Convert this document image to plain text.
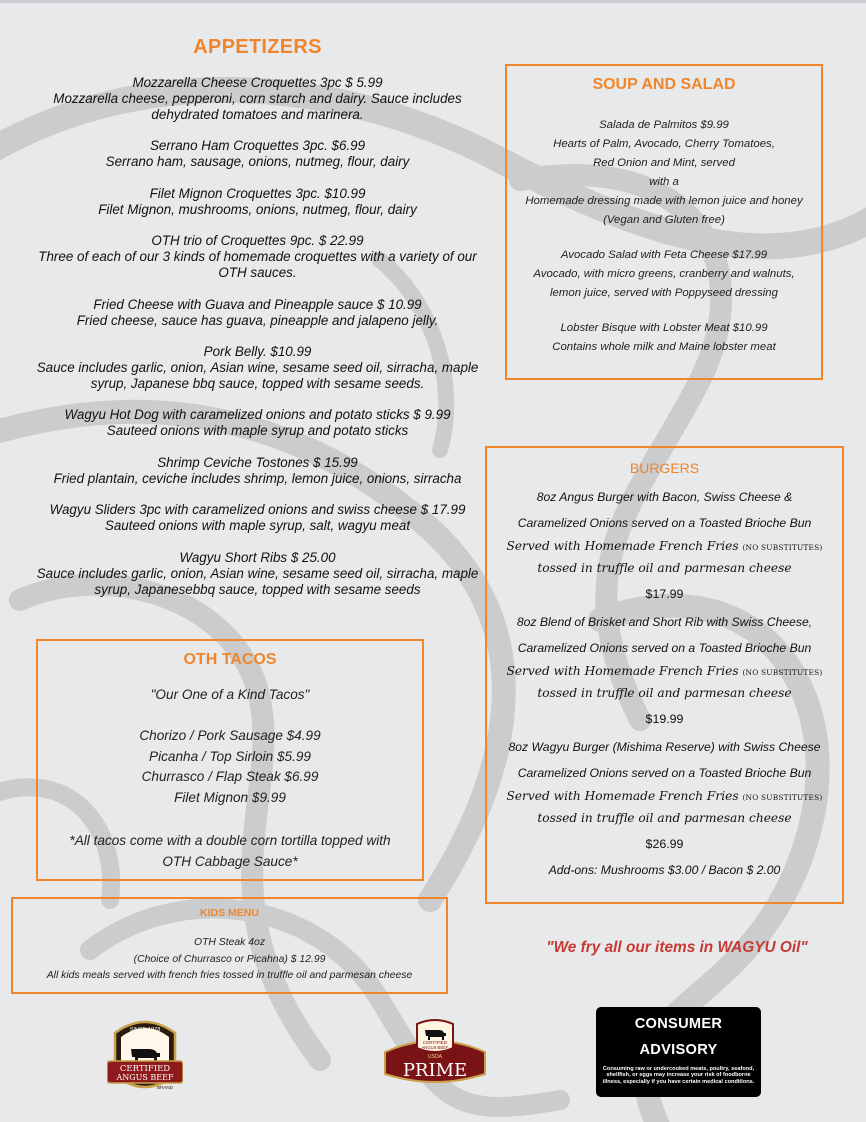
APPETIZERS
Mozzarella Cheese Croquettes 3pc $ 5.99
Mozzarella cheese, pepperoni, corn starch and dairy. Sauce includes dehydrated tomatoes and marinera.
Serrano Ham Croquettes 3pc. $6.99
Serrano ham, sausage, onions, nutmeg, flour, dairy
Filet Mignon Croquettes 3pc. $10.99
Filet Mignon, mushrooms, onions, nutmeg, flour, dairy
OTH trio of Croquettes 9pc. $ 22.99
Three of each of our 3 kinds of homemade croquettes with a variety of our OTH sauces.
Fried Cheese with Guava and Pineapple sauce $ 10.99
Fried cheese, sauce has guava, pineapple and jalapeno jelly.
Pork Belly. $10.99
Sauce includes garlic, onion, Asian wine, sesame seed oil, sirracha, maple syrup, Japanese bbq sauce, topped with sesame seeds.
Wagyu Hot Dog with caramelized onions and potato sticks $ 9.99
Sauteed onions with maple syrup and potato sticks
Shrimp Ceviche Tostones $ 15.99
Fried plantain, ceviche includes shrimp, lemon juice, onions, sirracha
Wagyu Sliders 3pc with caramelized onions and swiss cheese $ 17.99
Sauteed onions with maple syrup, salt, wagyu meat
Wagyu Short Ribs $ 25.00
Sauce includes garlic, onion, Asian wine, sesame seed oil, sirracha, maple syrup, Japanesebbq sauce, topped with sesame seeds
SOUP AND SALAD
Salada de Palmitos $9.99
Hearts of Palm, Avocado, Cherry Tomatoes,
Red Onion and Mint, served
with a
Homemade dressing made with lemon juice and honey
(Vegan and Gluten free)
Avocado Salad with Feta Cheese $17.99
Avocado, with micro greens, cranberry and walnuts,
lemon juice, served with Poppyseed dressing
Lobster Bisque with Lobster Meat $10.99
Contains whole milk and Maine lobster meat
BURGERS
8oz Angus Burger with Bacon, Swiss Cheese &
Caramelized Onions served on a Toasted Brioche Bun
Served with Homemade French Fries (NO SUBSTITUTES)
tossed in truffle oil and parmesan cheese
$17.99
8oz Blend of Brisket and Short Rib with Swiss Cheese,
Caramelized Onions served on a Toasted Brioche Bun
Served with Homemade French Fries (NO SUBSTITUTES)
tossed in truffle oil and parmesan cheese
$19.99
8oz Wagyu Burger (Mishima Reserve) with Swiss Cheese
Caramelized Onions served on a Toasted Brioche Bun
Served with Homemade French Fries (NO SUBSTITUTES)
tossed in truffle oil and parmesan cheese
$26.99
Add-ons: Mushrooms $3.00 / Bacon $ 2.00
OTH TACOS
"Our One of a Kind Tacos"
Chorizo / Pork Sausage $4.99
Picanha / Top Sirloin $5.99
Churrasco / Flap Steak $6.99
Filet Mignon $9.99
*All tacos come with a double corn tortilla topped with
OTH Cabbage Sauce*
KIDS MENU
OTH Steak 4oz
(Choice of Churrasco or Picahna) $ 12.99
All kids meals served with french fries tossed in truffle oil and parmesan cheese
"We fry all our items in WAGYU Oil"
SINCE 1978
CERTIFIED
ANGUS BEEF
BRAND
CERTIFIED
ANGUS BEEF
USDA
PRIME
CONSUMER
ADVISORY
Consuming raw or undercooked meats, poultry, seafood, shellfish, or eggs may increase your risk of foodborne illness, especially if you have certain medical conditions.
